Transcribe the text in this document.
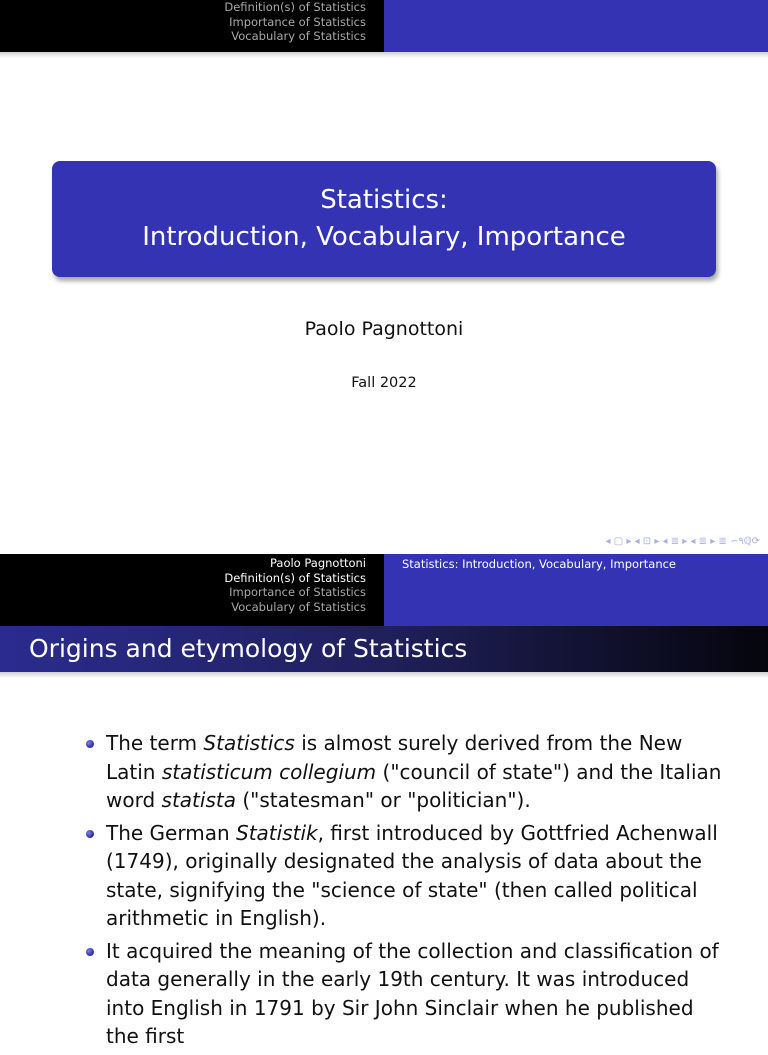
Definition(s) of Statistics
Importance of Statistics
Vocabulary of Statistics
Statistics:
Introduction, Vocabulary, Importance
Paolo Pagnottoni
Fall 2022
◂ ▢ ▸ ◂ ⊡ ▸ ◂ ≣ ▸ ◂ ≣ ▸ ≣ ∽٩ℚ⟳
Paolo Pagnottoni
Definition(s) of Statistics
Importance of Statistics
Vocabulary of Statistics
Statistics: Introduction, Vocabulary, Importance
Origins and etymology of Statistics
The term Statistics is almost surely derived from the New Latin statisticum collegium ("council of state") and the Italian word statista ("statesman" or "politician").
The German Statistik, first introduced by Gottfried Achenwall (1749), originally designated the analysis of data about the state, signifying the "science of state" (then called political arithmetic in English).
It acquired the meaning of the collection and classification of data generally in the early 19th century. It was introduced into English in 1791 by Sir John Sinclair when he published the first
